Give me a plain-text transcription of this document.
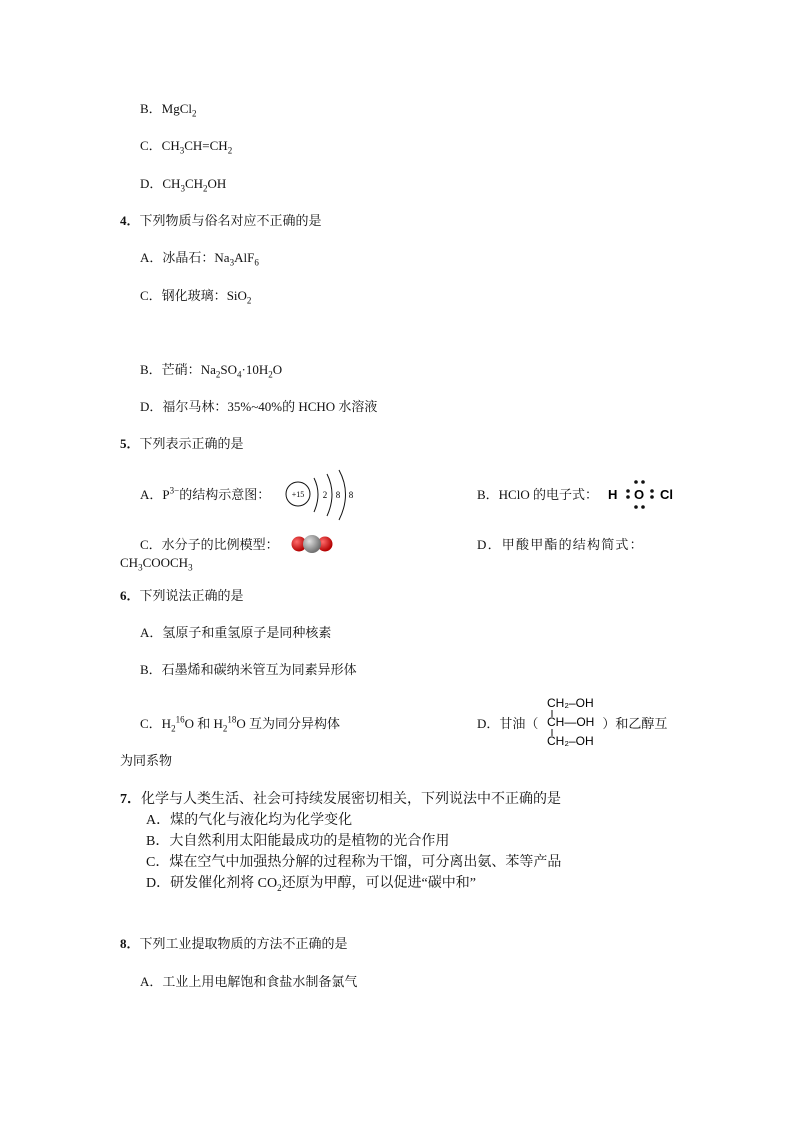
B．MgCl$_2$
C．$CH_3CH=CH_2$
D．$CH_3CH_2OH$
4．下列物质与俗名对应不正确的是
A．冰晶石：$Na_3AlF_6$
C．钢化玻璃：SiO$_2$
B．芒硝：$Na_2SO_4\cdot 10H_2O$
D．福尔马林：35%~40%的 HCHO 水溶液
5．下列表示正确的是
A．$P^{3-}$的结构示意图：	+15 2 8 8	B．HClO 的电子式： H O Cl
C．水分子的比例模型：	D．甲酸甲酯的结构简式：
$CH_3COOCH_3$
6．下列说法正确的是
A．氢原子和重氢原子是同种核素
B．石墨烯和碳纳米管互为同素异形体
C．$H_2^{16}O$ 和 $H_2^{18}O$ 互为同分异构体	D．甘油（	）和乙醇互
CH₂–OH
CH—OH
CH₂–OH
为同系物
7．化学与人类生活、社会可持续发展密切相关，下列说法中不正确的是
A．煤的气化与液化均为化学变化
B．大自然利用太阳能最成功的是植物的光合作用
C．煤在空气中加强热分解的过程称为干馏，可分离出氨、苯等产品
D．研发催化剂将 $CO_2$还原为甲醇，可以促进“碳中和”
8．下列工业提取物质的方法不正确的是
A．工业上用电解饱和食盐水制备氯气
